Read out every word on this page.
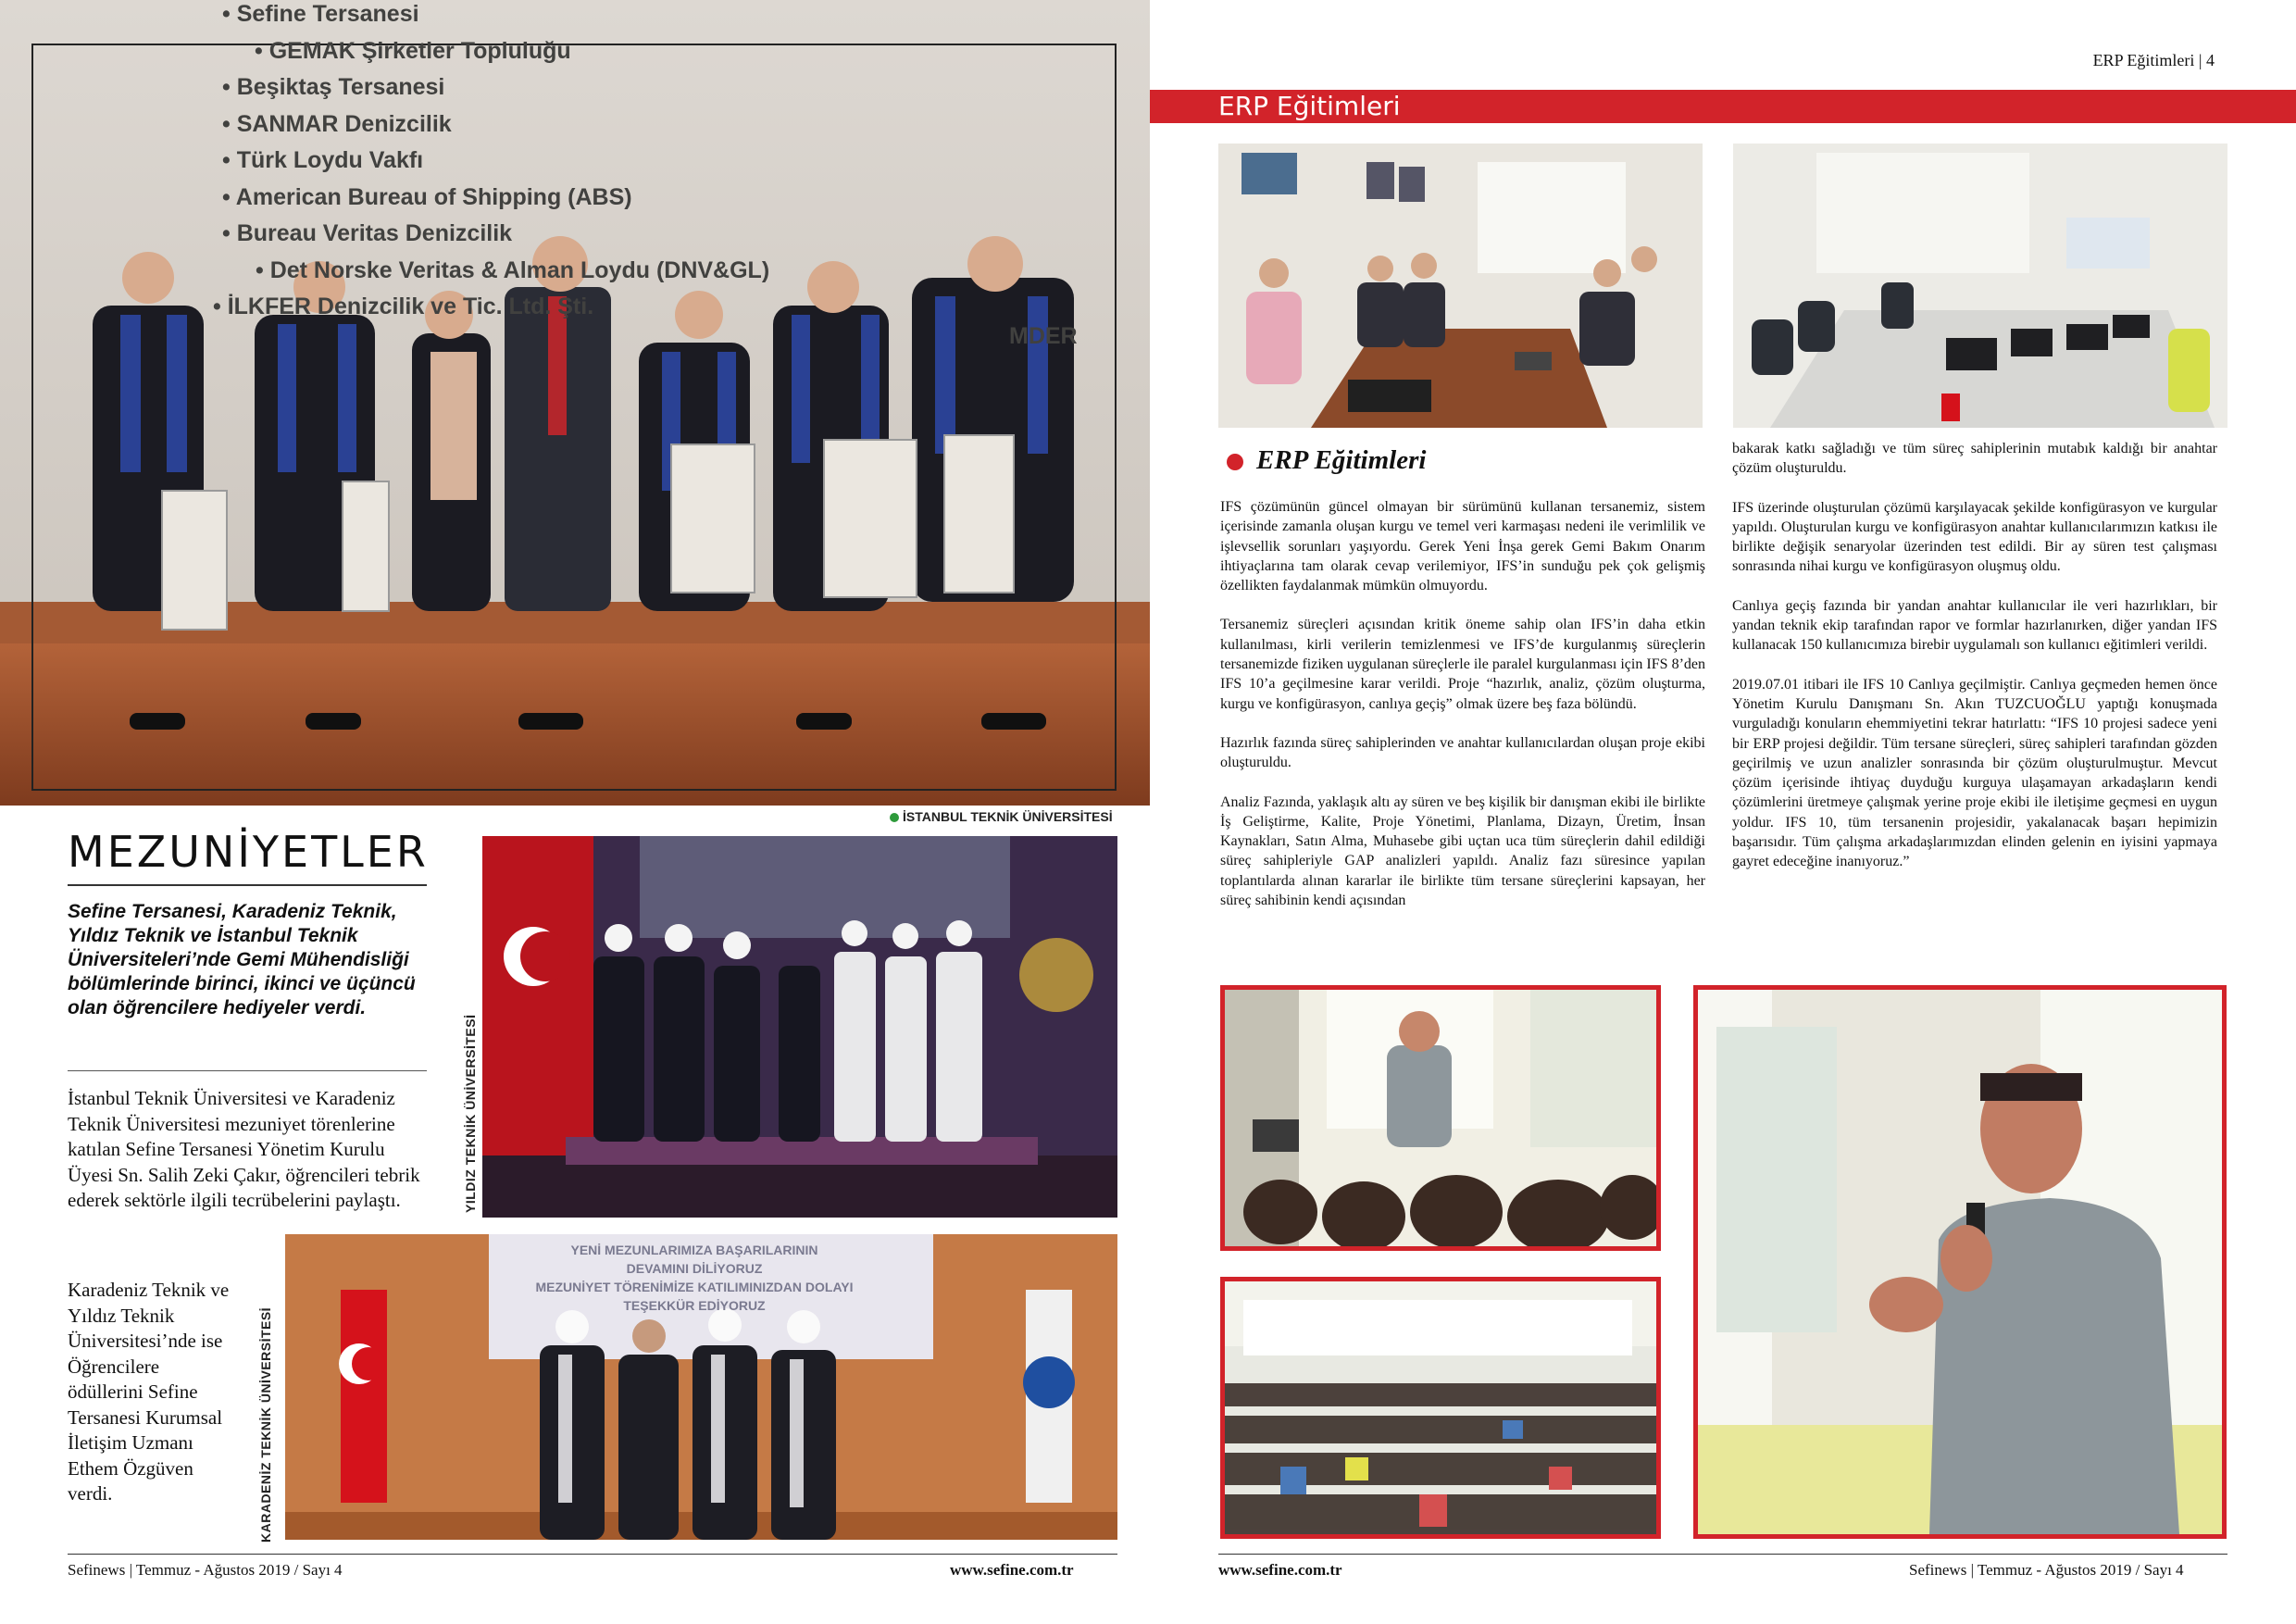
• Sefine Tersanesi
• GEMAK Şirketler Topluluğu
• Beşiktaş Tersanesi
• SANMAR Denizcilik
• Türk Loydu Vakfı
• American Bureau of Shipping (ABS)
• Bureau Veritas Denizcilik
• Det Norske Veritas & Alman Loydu (DNV&GL)
• İLKFER Denizcilik ve Tic. Ltd. Şti.
MDER
İSTANBUL TEKNİK ÜNİVERSİTESİ
MEZUNİYETLER
Sefine Tersanesi, Karadeniz Teknik, Yıldız Teknik ve İstanbul Teknik Üniversiteleri’nde Gemi Mühendisliği bölümlerinde birinci, ikinci ve üçüncü olan öğrencilere hediyeler verdi.
İstanbul Teknik Üniversitesi ve Karadeniz Teknik Üniversitesi mezuniyet törenlerine katılan Sefine Tersanesi Yönetim Kurulu Üyesi Sn. Salih Zeki Çakır, öğrencileri tebrik ederek sektörle ilgili tecrübelerini paylaştı.
Karadeniz Teknik ve Yıldız Teknik Üniversitesi’nde ise Öğrencilere ödüllerini Sefine Tersanesi Kurumsal İletişim Uzmanı Ethem Özgüven verdi.
YILDIZ TEKNİK ÜNİVERSİTESİ
YENİ MEZUNLARIMIZA BAŞARILARININ
DEVAMINI DİLİYORUZ
MEZUNİYET TÖRENİMİZE KATILIMINIZDAN DOLAYI
TEŞEKKÜR EDİYORUZ
KARADENİZ TEKNİK ÜNİVERSİTESİ
Sefinews | Temmuz - Ağustos 2019 / Sayı 4	www.sefine.com.tr
ERP Eğitimleri | 4
ERP Eğitimleri
ERP Eğitimleri

IFS çözümünün güncel olmayan bir sürümünü kullanan tersanemiz, sistem içerisinde zamanla oluşan kurgu ve temel veri karmaşası nedeni ile verimlilik ve işlevsellik sorunları yaşıyordu. Gerek Yeni İnşa gerek Gemi Bakım Onarım ihtiyaçlarına tam olarak cevap verilemiyor, IFS’in sunduğu pek çok gelişmiş özellikten faydalanmak mümkün olmuyordu.

Tersanemiz süreçleri açısından kritik öneme sahip olan IFS’in daha etkin kullanılması, kirli verilerin temizlenmesi ve IFS’de kurgulanmış süreçlerin tersanemizde fiziken uygulanan süreçlerle ile paralel kurgulanması için IFS 8’den IFS 10’a geçilmesine karar verildi. Proje “hazırlık, analiz, çözüm oluşturma, kurgu ve konfigürasyon, canlıya geçiş” olmak üzere beş faza bölündü.

Hazırlık fazında süreç sahiplerinden ve anahtar kullanıcılardan oluşan proje ekibi oluşturuldu.

Analiz Fazında, yaklaşık altı ay süren ve beş kişilik bir danışman ekibi ile birlikte İş Geliştirme, Kalite, Proje Yönetimi, Planlama, Dizayn, Üretim, İnsan Kaynakları, Satın Alma, Muhasebe gibi uçtan uca tüm süreçlerin dahil edildiği süreç sahipleriyle GAP analizleri yapıldı. Analiz fazı süresince yapılan toplantılarda alınan kararlar ile birlikte tüm tersane süreçlerini kapsayan, her süreç sahibinin kendi açısından

bakarak katkı sağladığı ve tüm süreç sahiplerinin mutabık kaldığı bir anahtar çözüm oluşturuldu.

IFS üzerinde oluşturulan çözümü karşılayacak şekilde konfigürasyon ve kurgular yapıldı. Oluşturulan kurgu ve konfigürasyon anahtar kullanıcılarımızın katkısı ile birlikte değişik senaryolar üzerinden test edildi. Bir ay süren test çalışması sonrasında nihai kurgu ve konfigürasyon oluşmuş oldu.

Canlıya geçiş fazında bir yandan anahtar kullanıcılar ile veri hazırlıkları, bir yandan teknik ekip tarafından rapor ve formlar hazırlanırken, diğer yandan IFS kullanacak 150 kullanıcımıza birebir uygulamalı son kullanıcı eğitimleri verildi.

2019.07.01 itibari ile IFS 10 Canlıya geçilmiştir. Canlıya geçmeden hemen önce Yönetim Kurulu Danışmanı Sn. Akın TUZCUOĞLU yaptığı konuşmada vurguladığı konuların ehemmiyetini tekrar hatırlattı: “IFS 10 projesi sadece yeni bir ERP projesi değildir. Tüm tersane süreçleri, süreç sahipleri tarafından gözden geçirilmiş ve uzun analizler sonrasında bir çözüm oluşturulmuştur. Mevcut çözüm içerisinde ihtiyaç duyduğu kurguya ulaşamayan arkadaşların kendi çözümlerini üretmeye çalışmak yerine proje ekibi ile iletişime geçmesi en uygun yoldur. IFS 10, tüm tersanenin projesidir, yakalanacak başarı hepimizin başarısıdır. Tüm çalışma arkadaşlarımızdan elinden gelenin en iyisini yapmaya gayret edeceğine inanıyoruz.”

www.sefine.com.tr	Sefinews | Temmuz - Ağustos 2019 / Sayı 4
